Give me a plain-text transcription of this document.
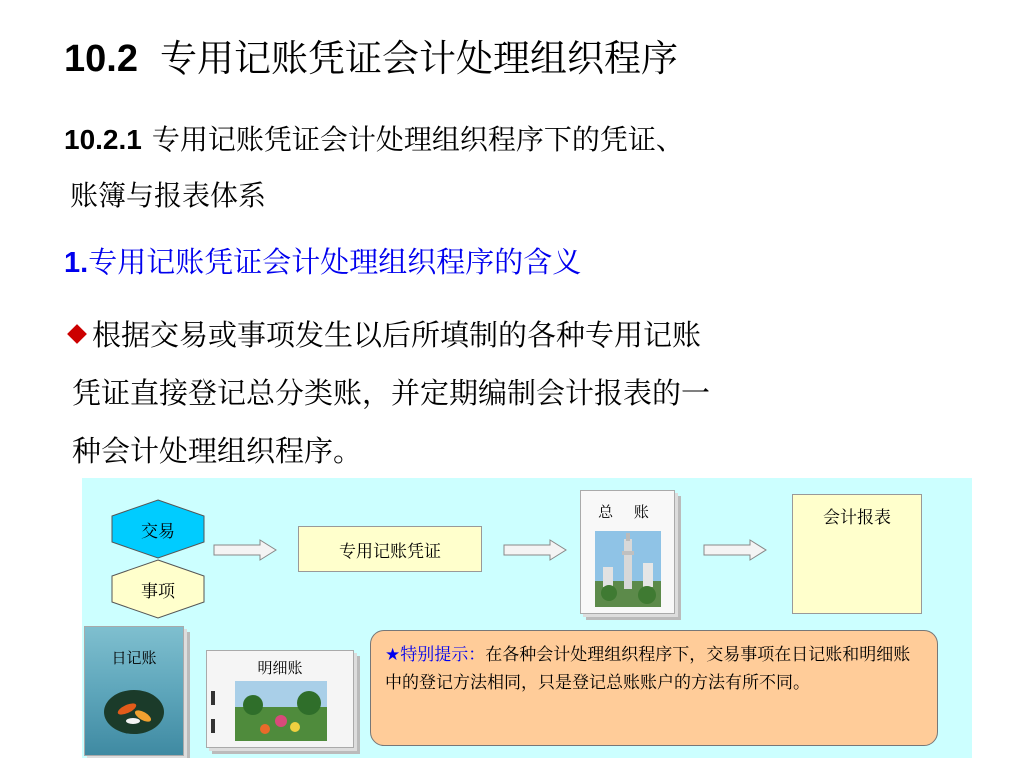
10.2 专用记账凭证会计处理组织程序
10.2.1 专用记账凭证会计处理组织程序下的凭证、
账簿与报表体系
1.专用记账凭证会计处理组织程序的含义
根据交易或事项发生以后所填制的各种专用记账
凭证直接登记总分类账，并定期编制会计报表的一
种会计处理组织程序。
交易
事项
专用记账凭证
总 账	会计报表
日记账
明细账
★特别提示：在各种会计处理组织程序下，交易事项在日记账和明细账中的登记方法相同，只是登记总账账户的方法有所不同。
